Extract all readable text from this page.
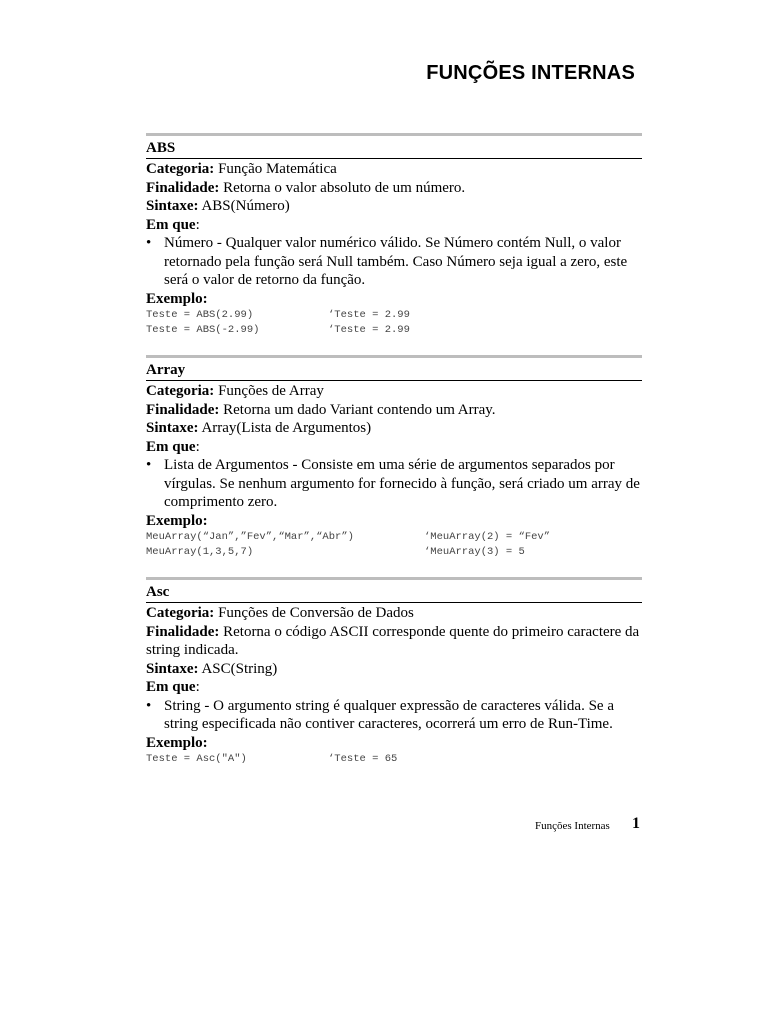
FUNÇÕES INTERNAS

ABS

Categoria: Função Matemática

Finalidade: Retorna o valor absoluto de um número.

Sintaxe: ABS(Número)

Em que:

• Número - Qualquer valor numérico válido. Se Número contém Null, o valor retornado pela função será Null também. Caso Número seja igual a zero, este será o valor de retorno da função.

Exemplo:

Teste = ABS(2.99)	‘Teste = 2.99
Teste = ABS(-2.99)	‘Teste = 2.99

Array

Categoria: Funções de Array

Finalidade: Retorna um dado Variant contendo um Array.

Sintaxe: Array(Lista de Argumentos)

Em que:

• Lista de Argumentos - Consiste em uma série de argumentos separados por vírgulas. Se nenhum argumento for fornecido à função, será criado um array de comprimento zero.

Exemplo:

MeuArray(“Jan”,”Fev”,“Mar”,“Abr”)	‘MeuArray(2) = “Fev”
MeuArray(1,3,5,7)	‘MeuArray(3) = 5

Asc

Categoria: Funções de Conversão de Dados

Finalidade: Retorna o código ASCII corresponde quente do primeiro caractere da string indicada.

Sintaxe: ASC(String)

Em que:

• String - O argumento string é qualquer expressão de caracteres válida. Se a string especificada não contiver caracteres, ocorrerá um erro de Run-Time.

Exemplo:

Teste = Asc("A")	‘Teste = 65
Funções Internas 1
